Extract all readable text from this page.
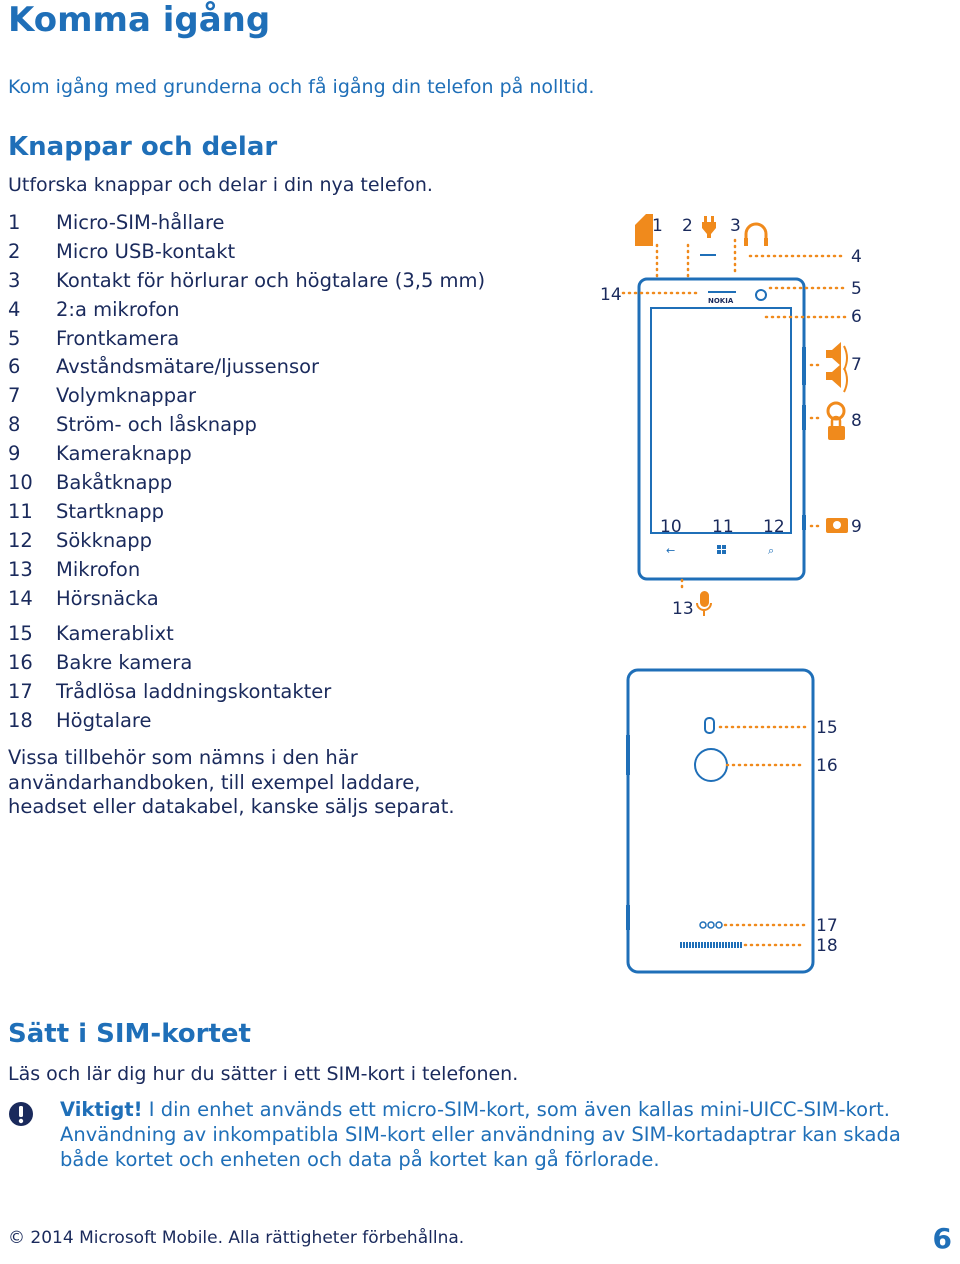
Komma igång
Kom igång med grunderna och få igång din telefon på nolltid.
Knappar och delar
Utforska knappar och delar i din nya telefon.
1 Micro-SIM-hållare
2 Micro USB-kontakt
3 Kontakt för hörlurar och högtalare (3,5 mm)
4 2:a mikrofon
5 Frontkamera
6 Avståndsmätare/ljussensor
7 Volymknappar
8 Ström- och låsknapp
9 Kameraknapp
10 Bakåtknapp
11 Startknapp
12 Sökknapp
13 Mikrofon
14 Hörsnäcka
15 Kamerablixt
16 Bakre kamera
17 Trådlösa laddningskontakter
18 Högtalare
Vissa tillbehör som nämns i den här användarhandboken, till exempel laddare, headset eller datakabel, kanske säljs separat.
NOKIA
←	⌕
1 2 3
4
5
6
7
8
9
10 11 12
13
14
15
16
17
18
Sätt i SIM-kortet
Läs och lär dig hur du sätter i ett SIM-kort i telefonen.
Viktigt! I din enhet används ett micro-SIM-kort, som även kallas mini-UICC-SIM-kort. Användning av inkompatibla SIM-kort eller användning av SIM-kortadaptrar kan skada både kortet och enheten och data på kortet kan gå förlorade.
© 2014 Microsoft Mobile. Alla rättigheter förbehållna.	6
